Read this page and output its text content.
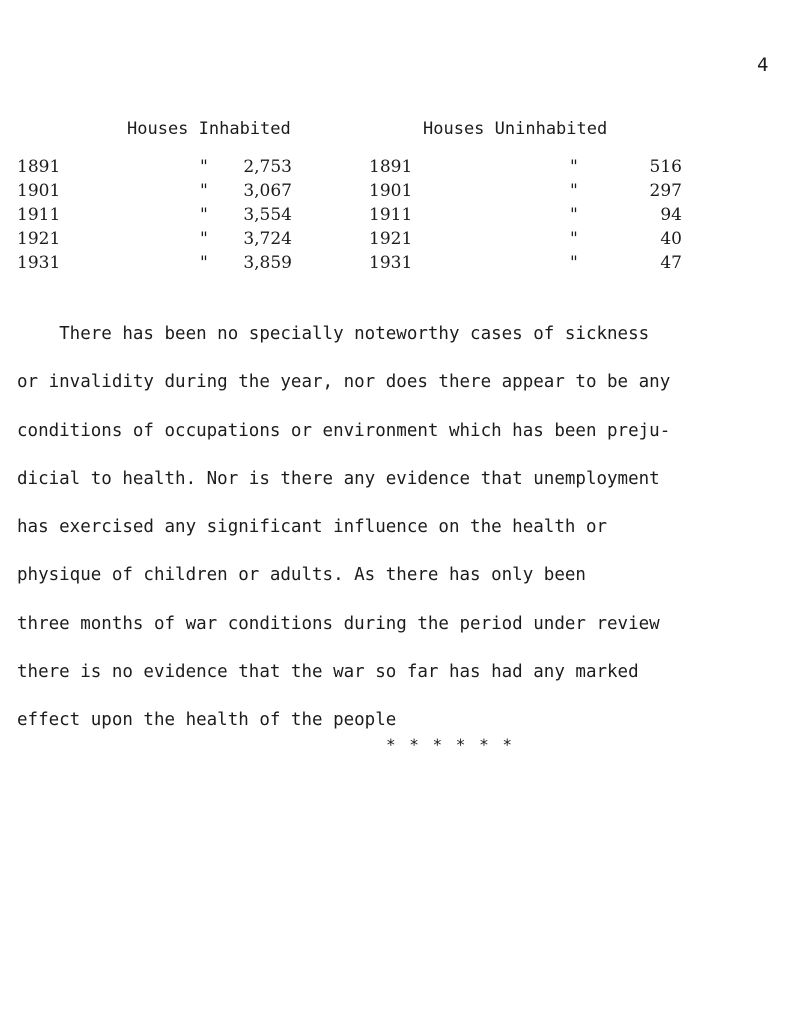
4
Houses Inhabited	Houses Uninhabited
1891	"	2,753	1891	"	516
1901	"	3,067	1901	"	297
1911	"	3,554	1911	"	94
1921	"	3,724	1921	"	40
1931	"	3,859	1931	"	47

There has been no specially noteworthy cases of sickness

or invalidity during the year, nor does there appear to be any

conditions of occupations or environment which has been preju-

dicial to health. Nor is there any evidence that unemployment

has exercised any significant influence on the health or

physique of children or adults. As there has only been

three months of war conditions during the period under review

there is no evidence that the war so far has had any marked

effect upon the health of the people

* * * * * *
